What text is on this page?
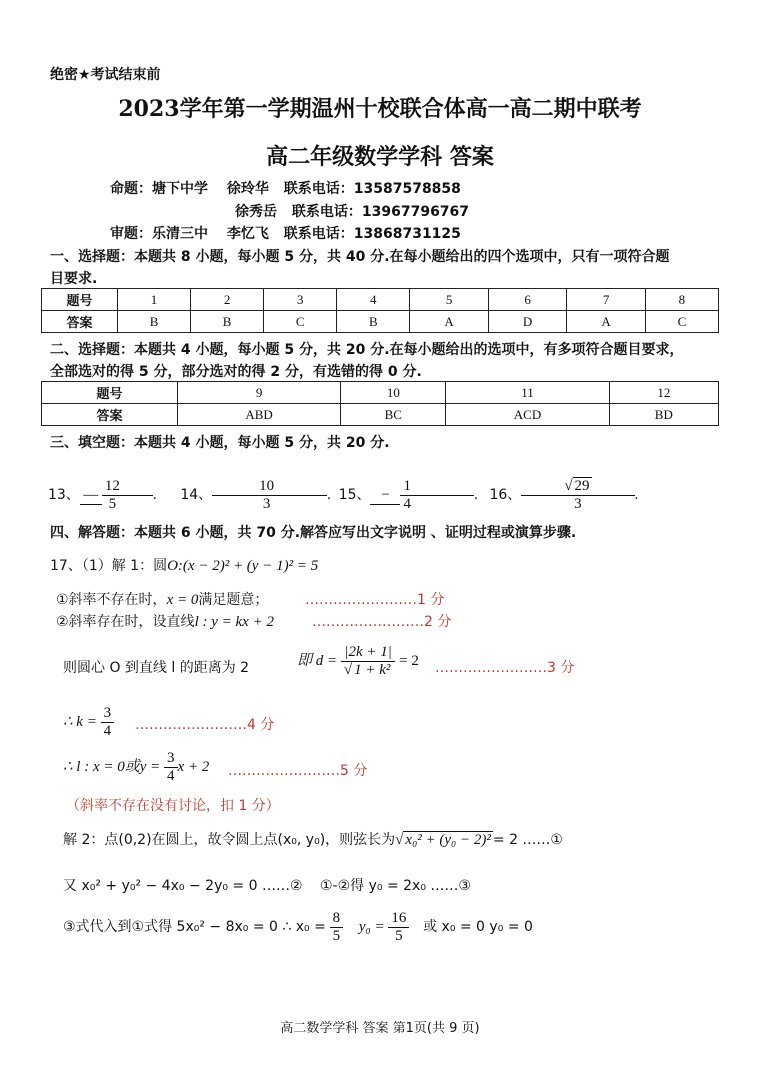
绝密★考试结束前
2023学年第一学期温州十校联合体高一高二期中联考
高二年级数学学科 答案
命题：塘下中学 徐玲华 联系电话：13587578858
徐秀岳 联系电话：13967796767
审题：乐清三中 李忆飞 联系电话：13868731125
一、选择题：本题共 8 小题，每小题 5 分，共 40 分.在每小题给出的四个选项中，只有一项符合题
目要求.
题号	1	2	3	4	5	6	7	8
答案	B	B	C	B	A	D	A	C
二、选择题：本题共 4 小题，每小题 5 分，共 20 分.在每小题给出的选项中，有多项符合题目要求，
全部选对的得 5 分，部分选对的得 2 分，有选错的得 0 分.
题号	9	10	11	12
答案	ABD	BC	ACD	BD
三、填空题：本题共 4 小题，每小题 5 分，共 20 分.
13、 — $\frac{12}{5}$ . 14、	$\frac{10}{3}$	. 15、 − $\frac{1}{4}$	. 16、	$\frac{√ 29}{3}$	.
四、解答题：本题共 6 小题，共 70 分.解答应写出文字说明 、证明过程或演算步骤.
17、（1）解 1：圆O:(x − 2)² + (y − 1)² = 5
①斜率不存在时，x = 0满足题意；	……………………1 分
②斜率存在时，设直线l : y = kx + 2	……………………2 分
则圆心 O 到直线 l 的距离为 2	即 $d = \frac{|2k + 1|}{\text{√ 1 + k²}} = 2$ ……………………3 分
∴ $k = \frac{3}{4}$ ……………………4 分
∴ l : x = 0或$y = \frac{3}{4}$ x + 2 ……………………5 分
（斜率不存在没有讨论，扣 1 分）
解 2：点(0,2)在圆上，故令圆上点(x₀, y₀)，则弦长为√ x₀² + (y₀ − 2)² = 2 ……①
又 x₀² + y₀² − 4x₀ − 2y₀ = 0 ……② ①-②得 y₀ = 2x₀ ……③
③式代入到①式得 5x₀² − 8x₀ = 0 ∴ $x_0 = \frac{8}{5} y_0 = \frac{16}{5}$ 或 x₀ = 0 y₀ = 0
高二数学学科 答案 第1页(共 9 页)
